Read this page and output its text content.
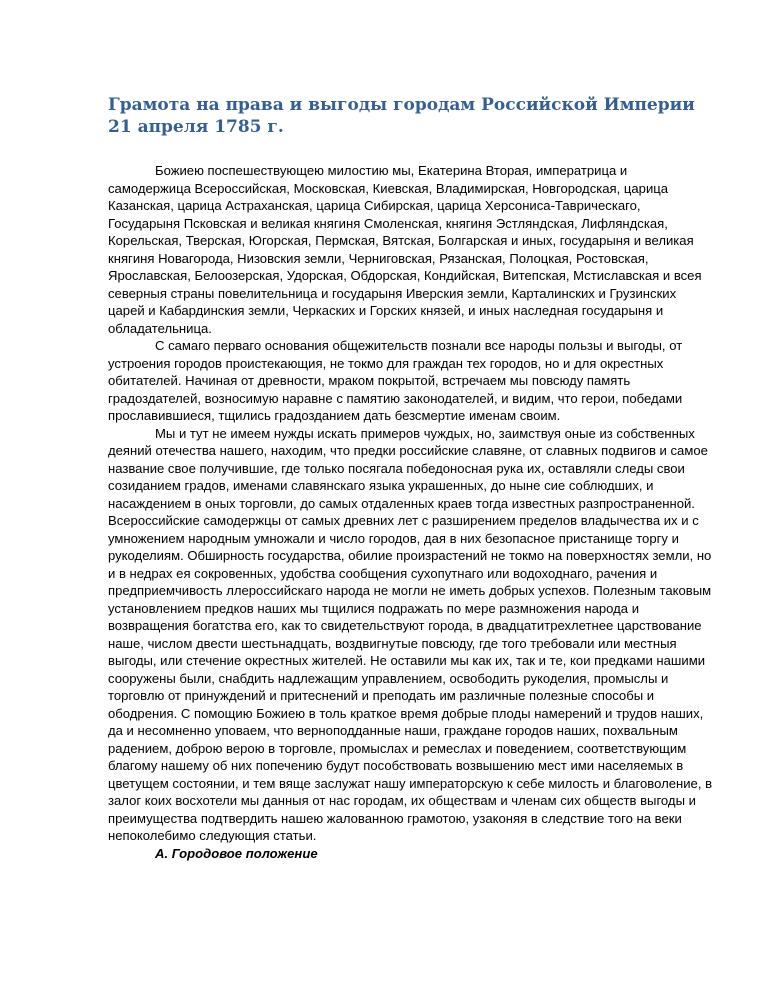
Грамота на права и выгоды городам Российской Империи 21 апреля 1785 г.

Божиею поспешествующею милостию мы, Екатерина Вторая, императрица и самодержица Всероссийская, Московская, Киевская, Владимирская, Новгородская, царица Казанская, царица Астраханская, царица Сибирская, царица Херсониса-Таврическаго, Государыня Псковская и великая княгиня Смоленская, княгиня Эстляндская, Лифляндская, Корельская, Тверская, Югорская, Пермская, Вятская, Болгарская и иных, государыня и великая княгиня Новагорода, Низовския земли, Черниговская, Рязанская, Полоцкая, Ростовская, Ярославская, Белоозерская, Удорская, Обдорская, Кондийская, Витепская, Мстиславская и всея северныя страны повелительница и государыня Иверския земли, Карталинских и Грузинских царей и Кабардинския земли, Черкаских и Горских князей, и иных наследная государыня и обладательница.

С самаго перваго основания общежительств познали все народы пользы и выгоды, от устроения городов проистекающия, не токмо для граждан тех городов, но и для окрестных обитателей. Начиная от древности, мраком покрытой, встречаем мы повсюду память градоздателей, возносимую наравне с памятию законодателей, и видим, что герои, победами прославившиеся, тщились градозданием дать безсмертие именам своим.

Мы и тут не имеем нужды искать примеров чуждых, но, заимствуя оные из собственных деяний отечества нашего, находим, что предки российские славяне, от славных подвигов и самое название свое получившие, где только посягала победоносная рука их, оставляли следы свои созиданием градов, именами славянскаго языка украшенных, до ныне сие соблюдших, и насаждением в оных торговли, до самых отдаленных краев тогда известных разпространенной. Всероссийские самодержцы от самых древних лет с разширением пределов владычества их и с умножением народным умножали и число городов, дая в них безопасное пристанище торгу и рукоделиям. Обширность государства, обилие произрастений не токмо на поверхностях земли, но и в недрах ея сокровенных, удобства сообщения сухопутнаго или водоходнаго, рачения и предприемчивость ллероссийскаго народа не могли не иметь добрых успехов. Полезным таковым установлением предков наших мы тщилися подражать по мере размножения народа и возвращения богатства его, как то свидетельствуют города, в двадцатитрехлетнее царствование наше, числом двести шестьнадцать, воздвигнутые повсюду, где того требовали или местныя выгоды, или стечение окрестных жителей. Не оставили мы как их, так и те, кои предками нашими сооружены были, снабдить надлежащим управлением, освободить рукоделия, промыслы и торговлю от принуждений и притеснений и преподать им различные полезные способы и ободрения. С помощию Божиею в толь краткое время добрые плоды намерений и трудов наших, да и несомненно уповаем, что верноподданные наши, граждане городов наших, похвальным радением, доброю верою в торговле, промыслах и ремеслах и поведением, соответствующим благому нашему об них попечению будут пособствовать возвышению мест ими населяемых в цветущем состоянии, и тем вяще заслужат нашу императорскую к себе милость и благоволение, в залог коих восхотели мы данныя от нас городам, их обществам и членам сих обществ выгоды и преимущества подтвердить нашею жалованною грамотою, узаконяя в следствие того на веки непоколебимо следующия статьи.

А. Городовое положение
